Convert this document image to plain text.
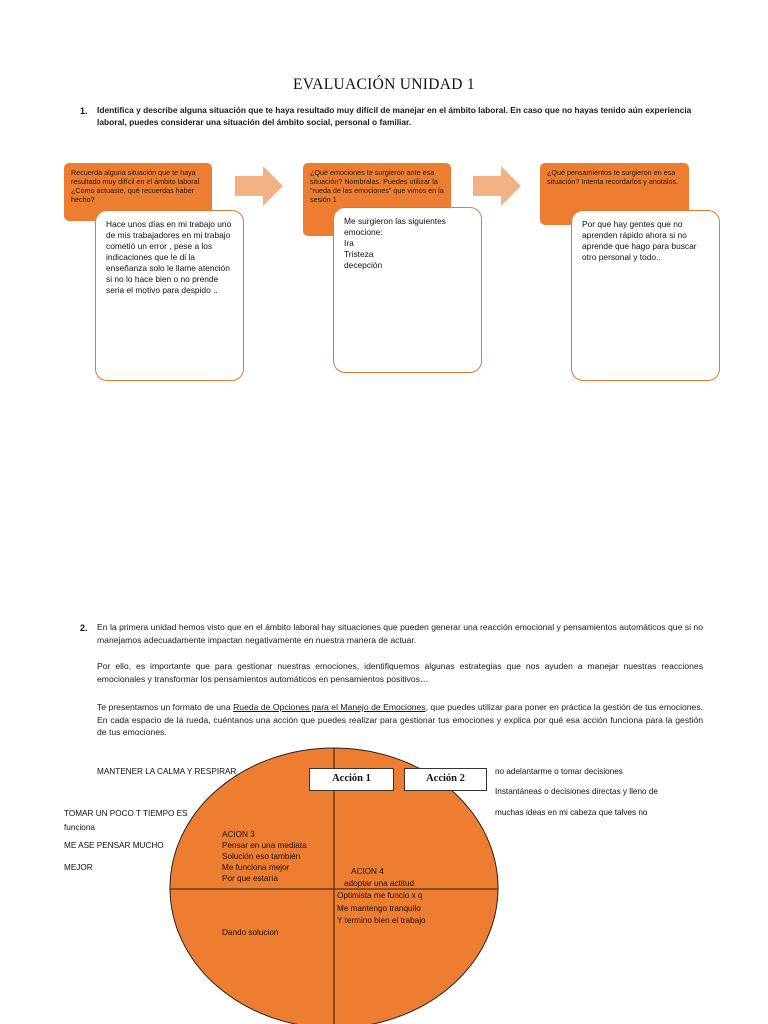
EVALUACIÓN UNIDAD 1
1. Identifica y describe alguna situación que te haya resultado muy difícil de manejar en el ámbito laboral. En caso que no hayas tenido aún experiencia laboral, puedes considerar una situación del ámbito social, personal o familiar.
Recuerda alguna situación que te haya resultado muy difícil en el ámbito laboral ¿Como actuaste, qué recuerdas haber hecho?
Hace unos días en mi trabajo uno de mis trabajadores en mi trabajo cometió un error , pese a los indicaciones que le di la enseñanza solo le llame atención si no lo hace bien o no prende seria el motivo para despido ..
¿Qué emociones te surgieron ante esa situación? Nombralas. Puedes utilizar la "rueda de las emociones" que vimos en la sesión 1
Me surgieron las siguientes emocione:
Ira
Tristeza
decepción
¿Qué pensamientos te surgieron en esa situación? Intenta recordarlos y anotalos.
Por que hay gentes que no aprenden rápido ahora si no aprende que hago para buscar otro personal y todo..
2. En la primera unidad hemos visto que en el ámbito laboral hay situaciones que pueden generar una reacción emocional y pensamientos automáticos que si no manejamos adecuadamente impactan negativamente en nuestra manera de actuar.
Por ello, es importante que para gestionar nuestras emociones, identifiquemos algunas estrategias que nos ayuden a manejar nuestras reacciones emocionales y transformar los pensamientos automáticos en pensamientos positivos…
Te presentamos un formato de una Rueda de Opciones para el Manejo de Emociones, que puedes utilizar para poner en práctica la gestión de tus emociones. En cada espacio de la rueda, cuéntanos una acción que puedes realizar para gestionar tus emociones y explica por qué esa acción funciona para la gestión de tus emociones.
Acción 1	Acción 2
MANTENER LA CALMA Y RESPIRAR
TOMAR UN POCO T TIEMPO ES
funciona
ME ASE PENSAR MUCHO
MEJOR
no adelantarme o tomar decisiones
Instantáneas o decisiones directas y lleno de
muchas ideas en mi cabeza que talves no
ACION 3
Pensar en una mediata
Solución eso también
Me funciona mejor
Por que estaría
ACION 4
adoptar una actitud
Optimista me funcio x q
Me mantengo tranquilo
Y termino bien el trabajo
Dando solucion
